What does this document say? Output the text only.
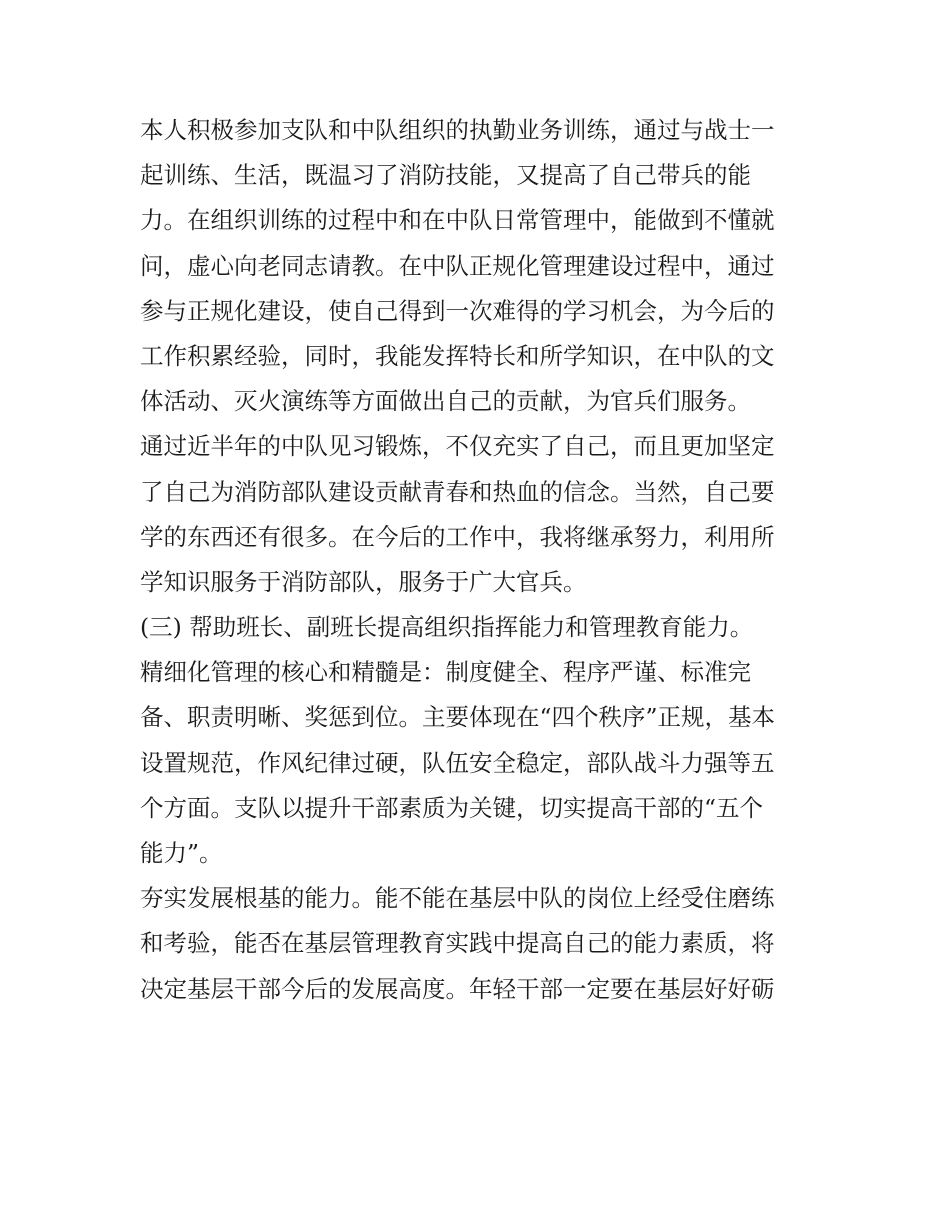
本人积极参加支队和中队组织的执勤业务训练，通过与战士一
起训练、生活，既温习了消防技能，又提高了自己带兵的能
力。在组织训练的过程中和在中队日常管理中，能做到不懂就
问，虚心向老同志请教。在中队正规化管理建设过程中，通过
参与正规化建设，使自己得到一次难得的学习机会，为今后的
工作积累经验，同时，我能发挥特长和所学知识，在中队的文
体活动、灭火演练等方面做出自己的贡献，为官兵们服务。
通过近半年的中队见习锻炼，不仅充实了自己，而且更加坚定
了自己为消防部队建设贡献青春和热血的信念。当然，自己要
学的东西还有很多。在今后的工作中，我将继承努力，利用所
学知识服务于消防部队，服务于广大官兵。
(三) 帮助班长、副班长提高组织指挥能力和管理教育能力。
精细化管理的核心和精髓是：制度健全、程序严谨、标准完
备、职责明晰、奖惩到位。主要体现在“四个秩序”正规，基本
设置规范，作风纪律过硬，队伍安全稳定，部队战斗力强等五
个方面。支队以提升干部素质为关键，切实提高干部的“五个
能力”。
夯实发展根基的能力。能不能在基层中队的岗位上经受住磨练
和考验，能否在基层管理教育实践中提高自己的能力素质，将
决定基层干部今后的发展高度。年轻干部一定要在基层好好砺
